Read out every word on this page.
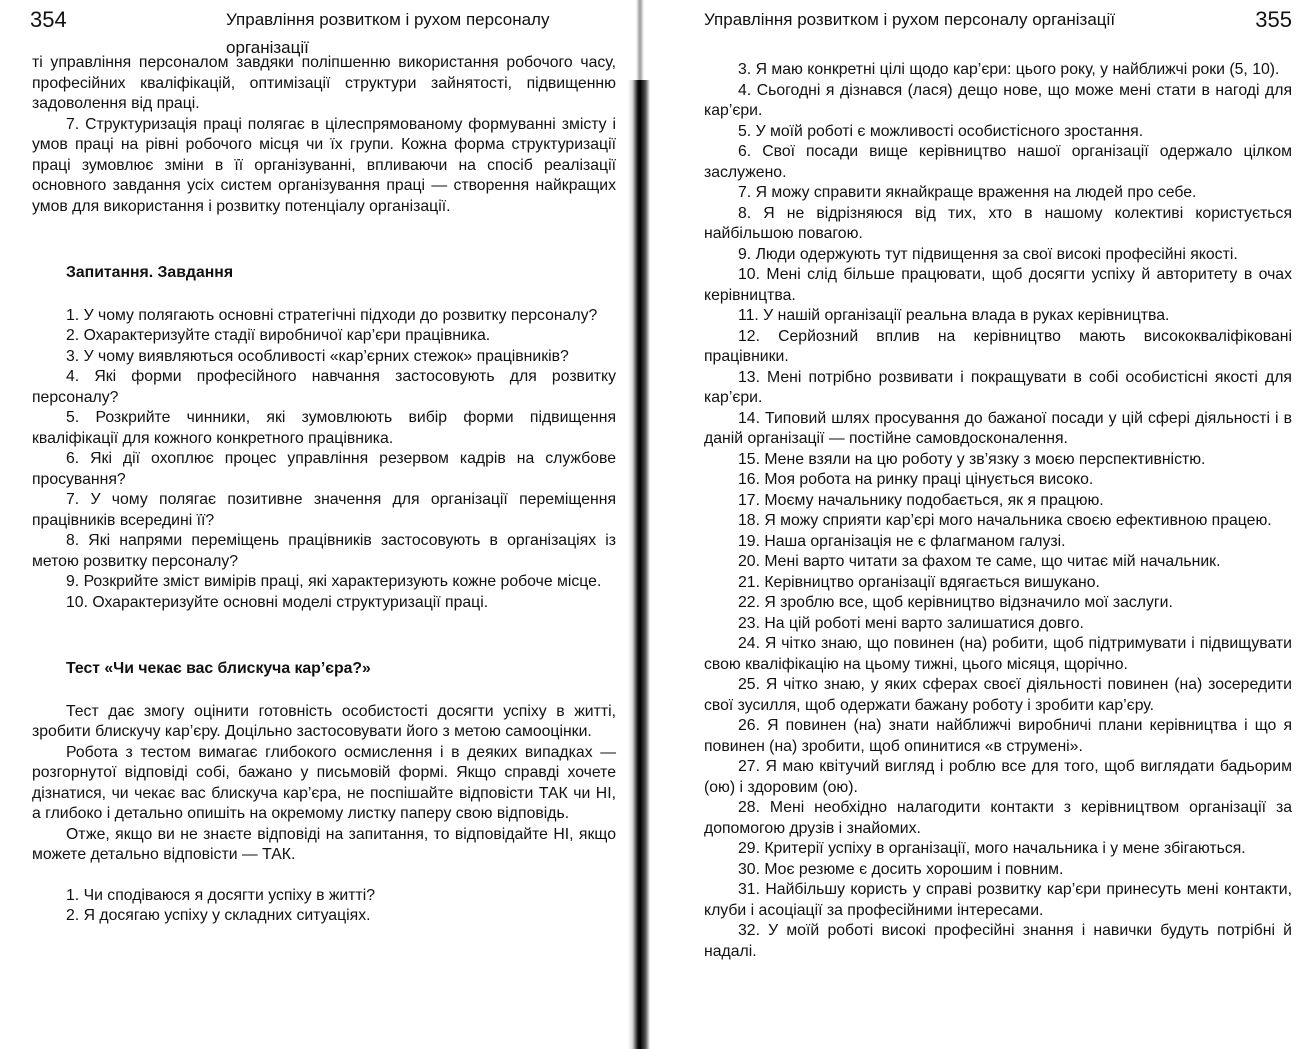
354	Управління розвитком і рухом персоналу організації

ті управління персоналом завдяки поліпшенню використання робочого часу, професійних кваліфікацій, оптимізації структури зайнятості, підвищенню задоволення від праці.

7. Структуризація праці полягає в цілеспрямованому формуванні змісту і умов праці на рівні робочого місця чи їх групи. Кожна форма структуризації праці зумовлює зміни в її організуванні, впливаючи на спосіб реалізації основного завдання усіх систем організування праці — створення найкращих умов для використання і розвитку потенціалу організації.

Запитання. Завдання

1. У чому полягають основні стратегічні підходи до розвитку персоналу?

2. Охарактеризуйте стадії виробничої кар’єри працівника.

3. У чому виявляються особливості «кар’єрних стежок» працівників?

4. Які форми професійного навчання застосовують для розвитку персоналу?

5. Розкрийте чинники, які зумовлюють вибір форми підвищення кваліфікації для кожного конкретного працівника.

6. Які дії охоплює процес управління резервом кадрів на службове просування?

7. У чому полягає позитивне значення для організації переміщення працівників всередині її?

8. Які напрями переміщень працівників застосовують в організаціях із метою розвитку персоналу?

9. Розкрийте зміст вимірів праці, які характеризують кожне робоче місце.

10. Охарактеризуйте основні моделі структуризації праці.

Тест «Чи чекає вас блискуча кар’єра?»

Тест дає змогу оцінити готовність особистості досягти успіху в житті, зробити блискучу кар’єру. Доцільно застосовувати його з метою самооцінки.

Робота з тестом вимагає глибокого осмислення і в деяких випадках — розгорнутої відповіді собі, бажано у письмовій формі. Якщо справді хочете дізнатися, чи чекає вас блискуча кар’єра, не поспішайте відповісти ТАК чи НІ, а глибоко і детально опишіть на окремому листку паперу свою відповідь.

Отже, якщо ви не знаєте відповіді на запитання, то відповідайте НІ, якщо можете детально відповісти — ТАК.

1. Чи сподіваюся я досягти успіху в житті?

2. Я досягаю успіху у складних ситуаціях.

Управління розвитком і рухом персоналу організації	355

3. Я маю конкретні цілі щодо кар’єри: цього року, у найближчі роки (5, 10).

4. Сьогодні я дізнався (лася) дещо нове, що може мені стати в нагоді для кар’єри.

5. У моїй роботі є можливості особистісного зростання.

6. Свої посади вище керівництво нашої організації одержало цілком заслужено.

7. Я можу справити якнайкраще враження на людей про себе.

8. Я не відрізняюся від тих, хто в нашому колективі користується найбільшою повагою.

9. Люди одержують тут підвищення за свої високі професійні якості.

10. Мені слід більше працювати, щоб досягти успіху й авторитету в очах керівництва.

11. У нашій організації реальна влада в руках керівництва.

12. Серйозний вплив на керівництво мають висококваліфіковані працівники.

13. Мені потрібно розвивати і покращувати в собі особистісні якості для кар’єри.

14. Типовий шлях просування до бажаної посади у цій сфері діяльності і в даній організації — постійне самовдосконалення.

15. Мене взяли на цю роботу у зв’язку з моєю перспективністю.

16. Моя робота на ринку праці цінується високо.

17. Моєму начальнику подобається, як я працюю.

18. Я можу сприяти кар’єрі мого начальника своєю ефективною працею.

19. Наша організація не є флагманом галузі.

20. Мені варто читати за фахом те саме, що читає мій начальник.

21. Керівництво організації вдягається вишукано.

22. Я зроблю все, щоб керівництво відзначило мої заслуги.

23. На цій роботі мені варто залишатися довго.

24. Я чітко знаю, що повинен (на) робити, щоб підтримувати і підвищувати свою кваліфікацію на цьому тижні, цього місяця, щорічно.

25. Я чітко знаю, у яких сферах своєї діяльності повинен (на) зосередити свої зусилля, щоб одержати бажану роботу і зробити кар’єру.

26. Я повинен (на) знати найближчі виробничі плани керівництва і що я повинен (на) зробити, щоб опинитися «в струмені».

27. Я маю квітучий вигляд і роблю все для того, щоб виглядати бадьорим (ою) і здоровим (ою).

28. Мені необхідно налагодити контакти з керівництвом організації за допомогою друзів і знайомих.

29. Критерії успіху в організації, мого начальника і у мене збігаються.

30. Моє резюме є досить хорошим і повним.

31. Найбільшу користь у справі розвитку кар’єри принесуть мені контакти, клуби і асоціації за професійними інтересами.

32. У моїй роботі високі професійні знання і навички будуть потрібні й надалі.
